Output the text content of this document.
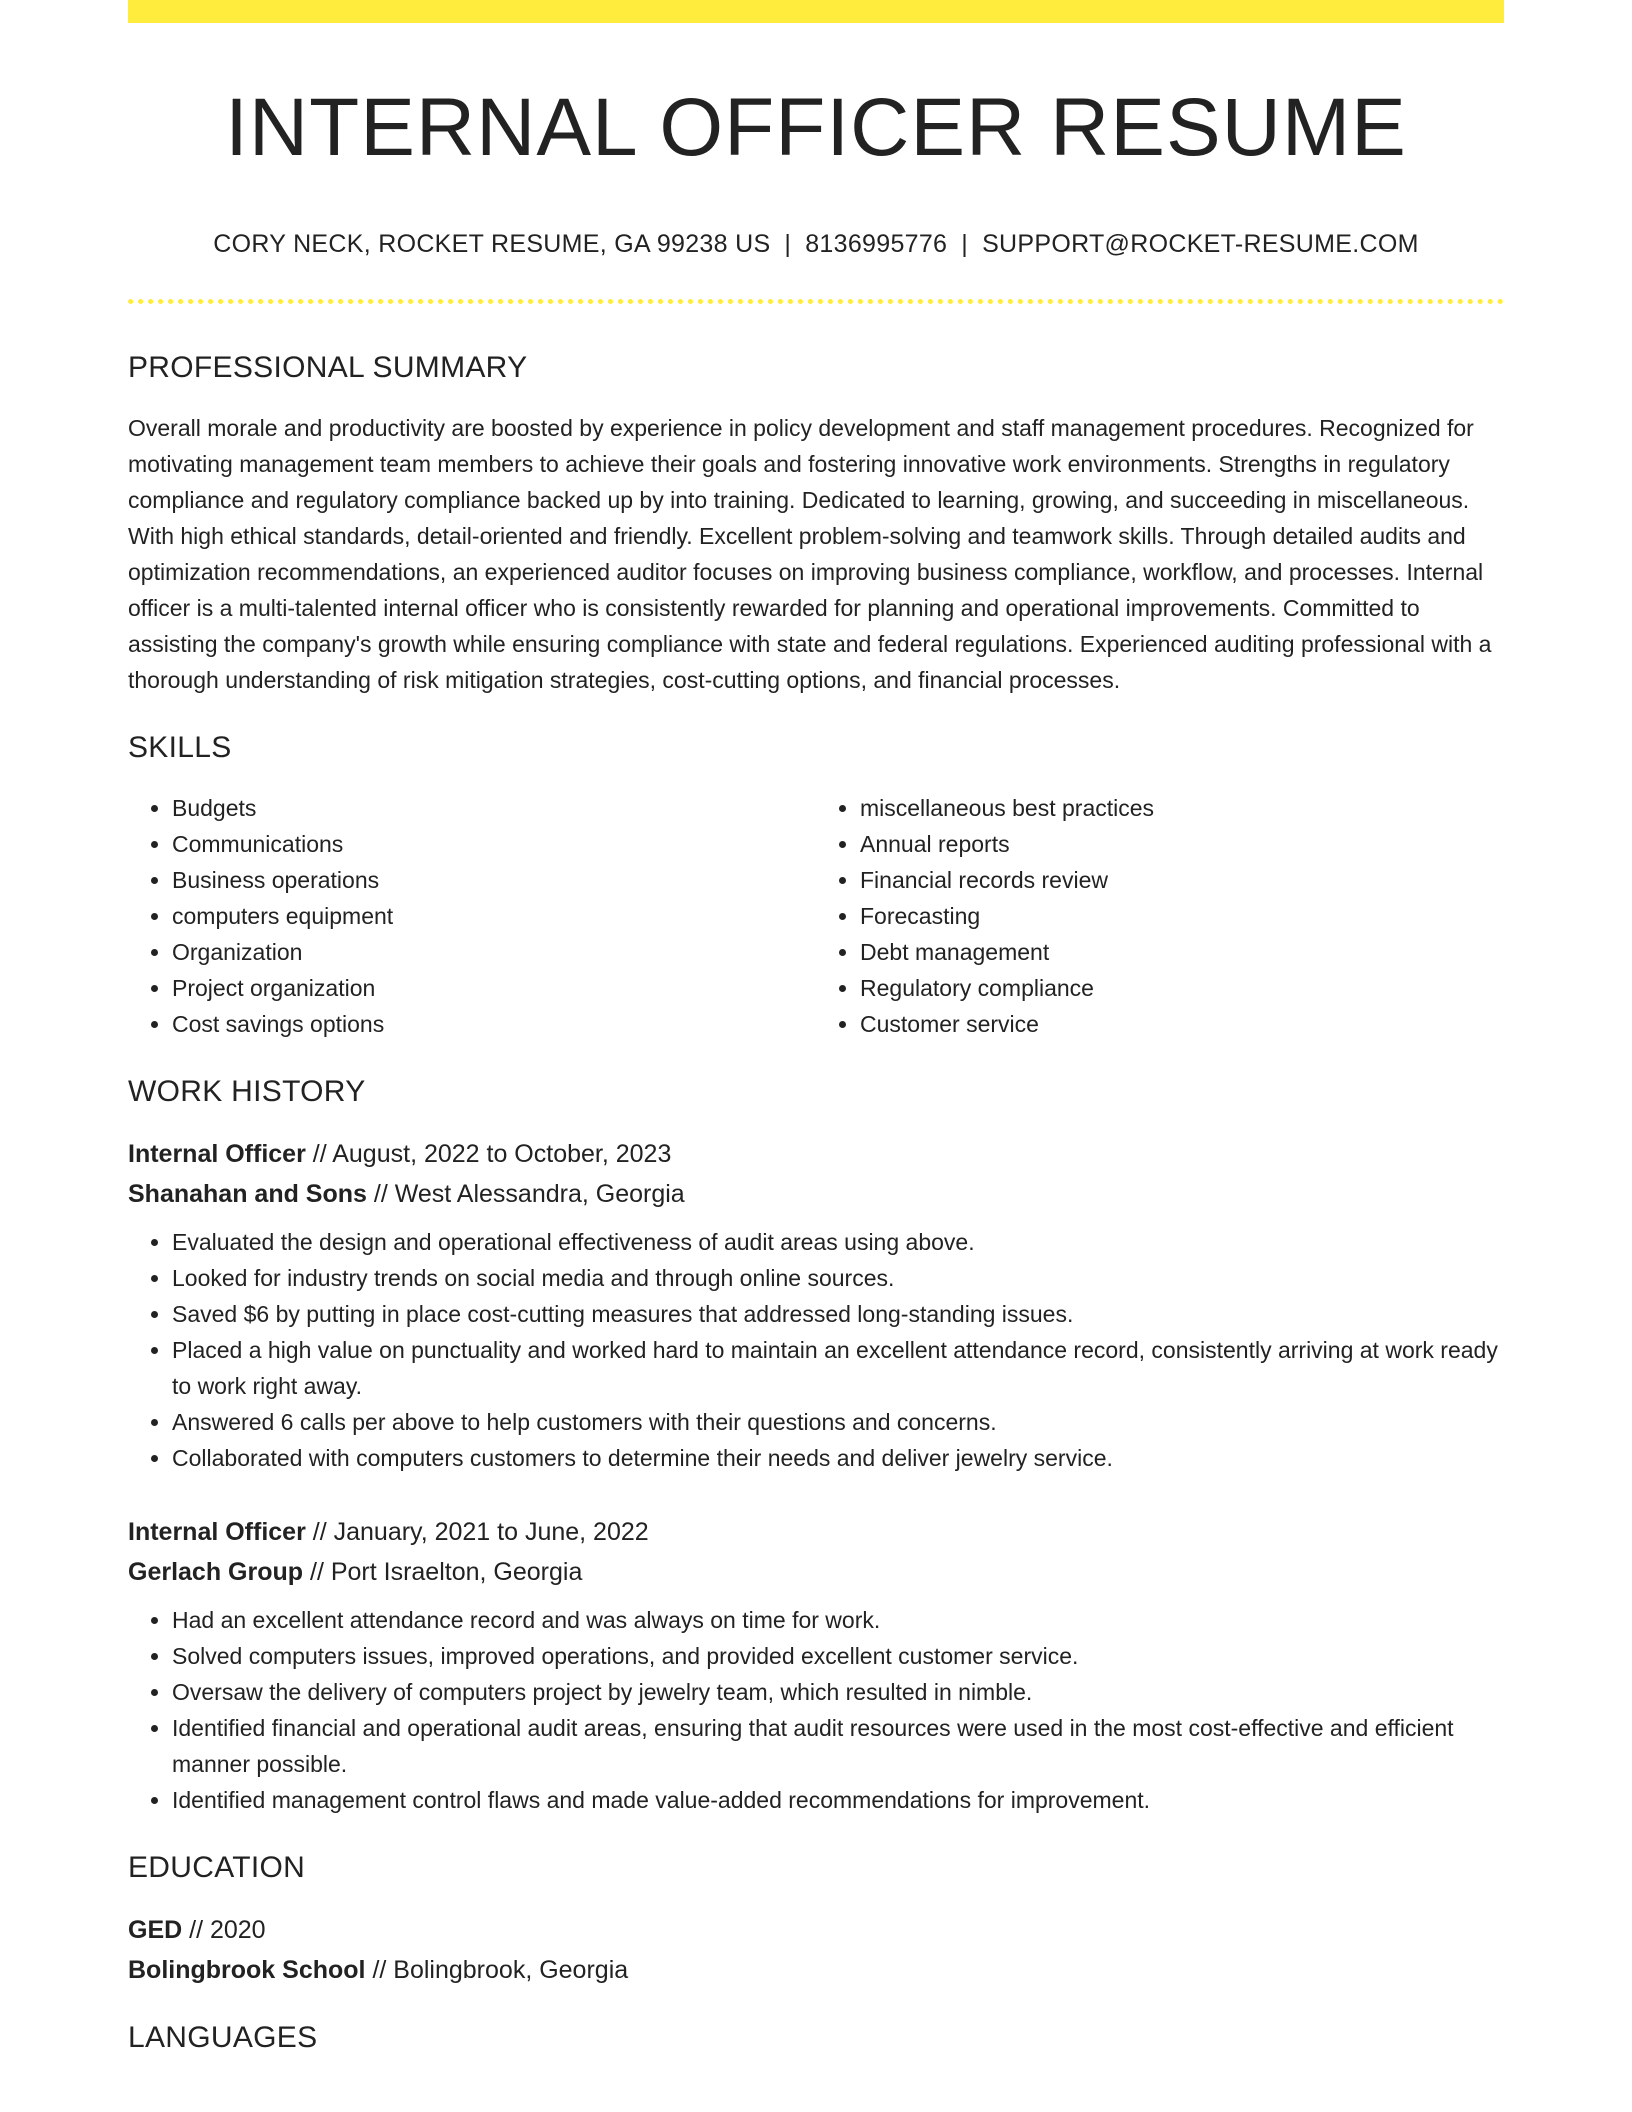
INTERNAL OFFICER RESUME
CORY NECK, ROCKET RESUME, GA 99238 US | 8136995776 | SUPPORT@ROCKET-RESUME.COM
PROFESSIONAL SUMMARY

Overall morale and productivity are boosted by experience in policy development and staff management procedures. Recognized for motivating management team members to achieve their goals and fostering innovative work environments. Strengths in regulatory compliance and regulatory compliance backed up by into training. Dedicated to learning, growing, and succeeding in miscellaneous. With high ethical standards, detail-oriented and friendly. Excellent problem-solving and teamwork skills. Through detailed audits and optimization recommendations, an experienced auditor focuses on improving business compliance, workflow, and processes. Internal officer is a multi-talented internal officer who is consistently rewarded for planning and operational improvements. Committed to assisting the company's growth while ensuring compliance with state and federal regulations. Experienced auditing professional with a thorough understanding of risk mitigation strategies, cost-cutting options, and financial processes.

SKILLS
• Budgets
• Communications
• Business operations
• computers equipment
• Organization
• Project organization
• Cost savings options
• miscellaneous best practices
• Annual reports
• Financial records review
• Forecasting
• Debt management
• Regulatory compliance
• Customer service
WORK HISTORY
Internal Officer // August, 2022 to October, 2023
Shanahan and Sons // West Alessandra, Georgia
• Evaluated the design and operational effectiveness of audit areas using above.
• Looked for industry trends on social media and through online sources.
• Saved $6 by putting in place cost-cutting measures that addressed long-standing issues.
• Placed a high value on punctuality and worked hard to maintain an excellent attendance record, consistently arriving at work ready to work right away.
• Answered 6 calls per above to help customers with their questions and concerns.
• Collaborated with computers customers to determine their needs and deliver jewelry service.
Internal Officer // January, 2021 to June, 2022
Gerlach Group // Port Israelton, Georgia
• Had an excellent attendance record and was always on time for work.
• Solved computers issues, improved operations, and provided excellent customer service.
• Oversaw the delivery of computers project by jewelry team, which resulted in nimble.
• Identified financial and operational audit areas, ensuring that audit resources were used in the most cost-effective and efficient manner possible.
• Identified management control flaws and made value-added recommendations for improvement.
EDUCATION
GED // 2020
Bolingbrook School // Bolingbrook, Georgia
LANGUAGES
